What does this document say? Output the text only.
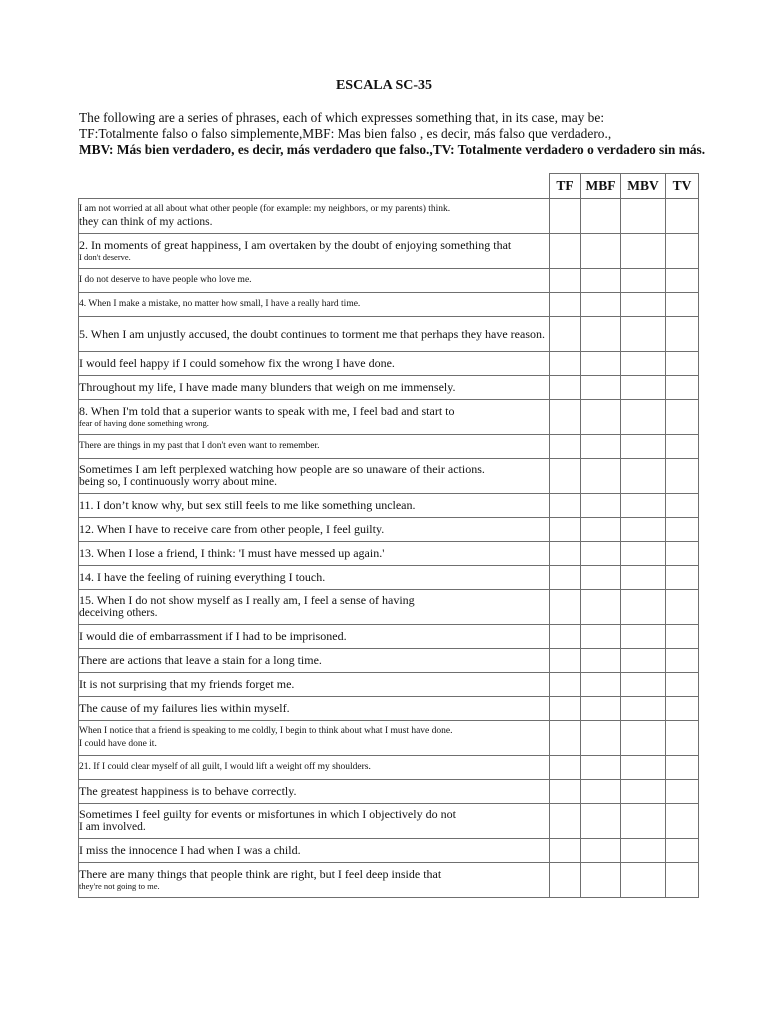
ESCALA SC-35
The following are a series of phrases, each of which expresses something that, in its case, may be:
TF:Totalmente falso o falso simplemente,MBF: Mas bien falso , es decir, más falso que verdadero.,
MBV: Más bien verdadero, es decir, más verdadero que falso.,TV: Totalmente verdadero o verdadero sin más.
	TF	MBF	MBV	TV
I am not worried at all about what other people (for example: my neighbors, or my parents) think.
they can think of my actions.				

2. In moments of great happiness, I am overtaken by the doubt of enjoying something that
I don't deserve.				

I do not deserve to have people who love me.				
4. When I make a mistake, no matter how small, I have a really hard time.				
5. When I am unjustly accused, the doubt continues to torment me that perhaps they have reason.				
I would feel happy if I could somehow fix the wrong I have done.				
Throughout my life, I have made many blunders that weigh on me immensely.				
8. When I'm told that a superior wants to speak with me, I feel bad and start to
fear of having done something wrong.				

There are things in my past that I don't even want to remember.				
Sometimes I am left perplexed watching how people are so unaware of their actions.
being so, I continuously worry about mine.				

11. I don’t know why, but sex still feels to me like something unclean.				
12. When I have to receive care from other people, I feel guilty.				
13. When I lose a friend, I think: 'I must have messed up again.'				
14. I have the feeling of ruining everything I touch.				
15. When I do not show myself as I really am, I feel a sense of having
deceiving others.				

I would die of embarrassment if I had to be imprisoned.				
There are actions that leave a stain for a long time.				
It is not surprising that my friends forget me.				
The cause of my failures lies within myself.				
When I notice that a friend is speaking to me coldly, I begin to think about what I must have done.
I could have done it.				

21. If I could clear myself of all guilt, I would lift a weight off my shoulders.				
The greatest happiness is to behave correctly.				
Sometimes I feel guilty for events or misfortunes in which I objectively do not
I am involved.				

I miss the innocence I had when I was a child.				
There are many things that people think are right, but I feel deep inside that
they're not going to me.				
